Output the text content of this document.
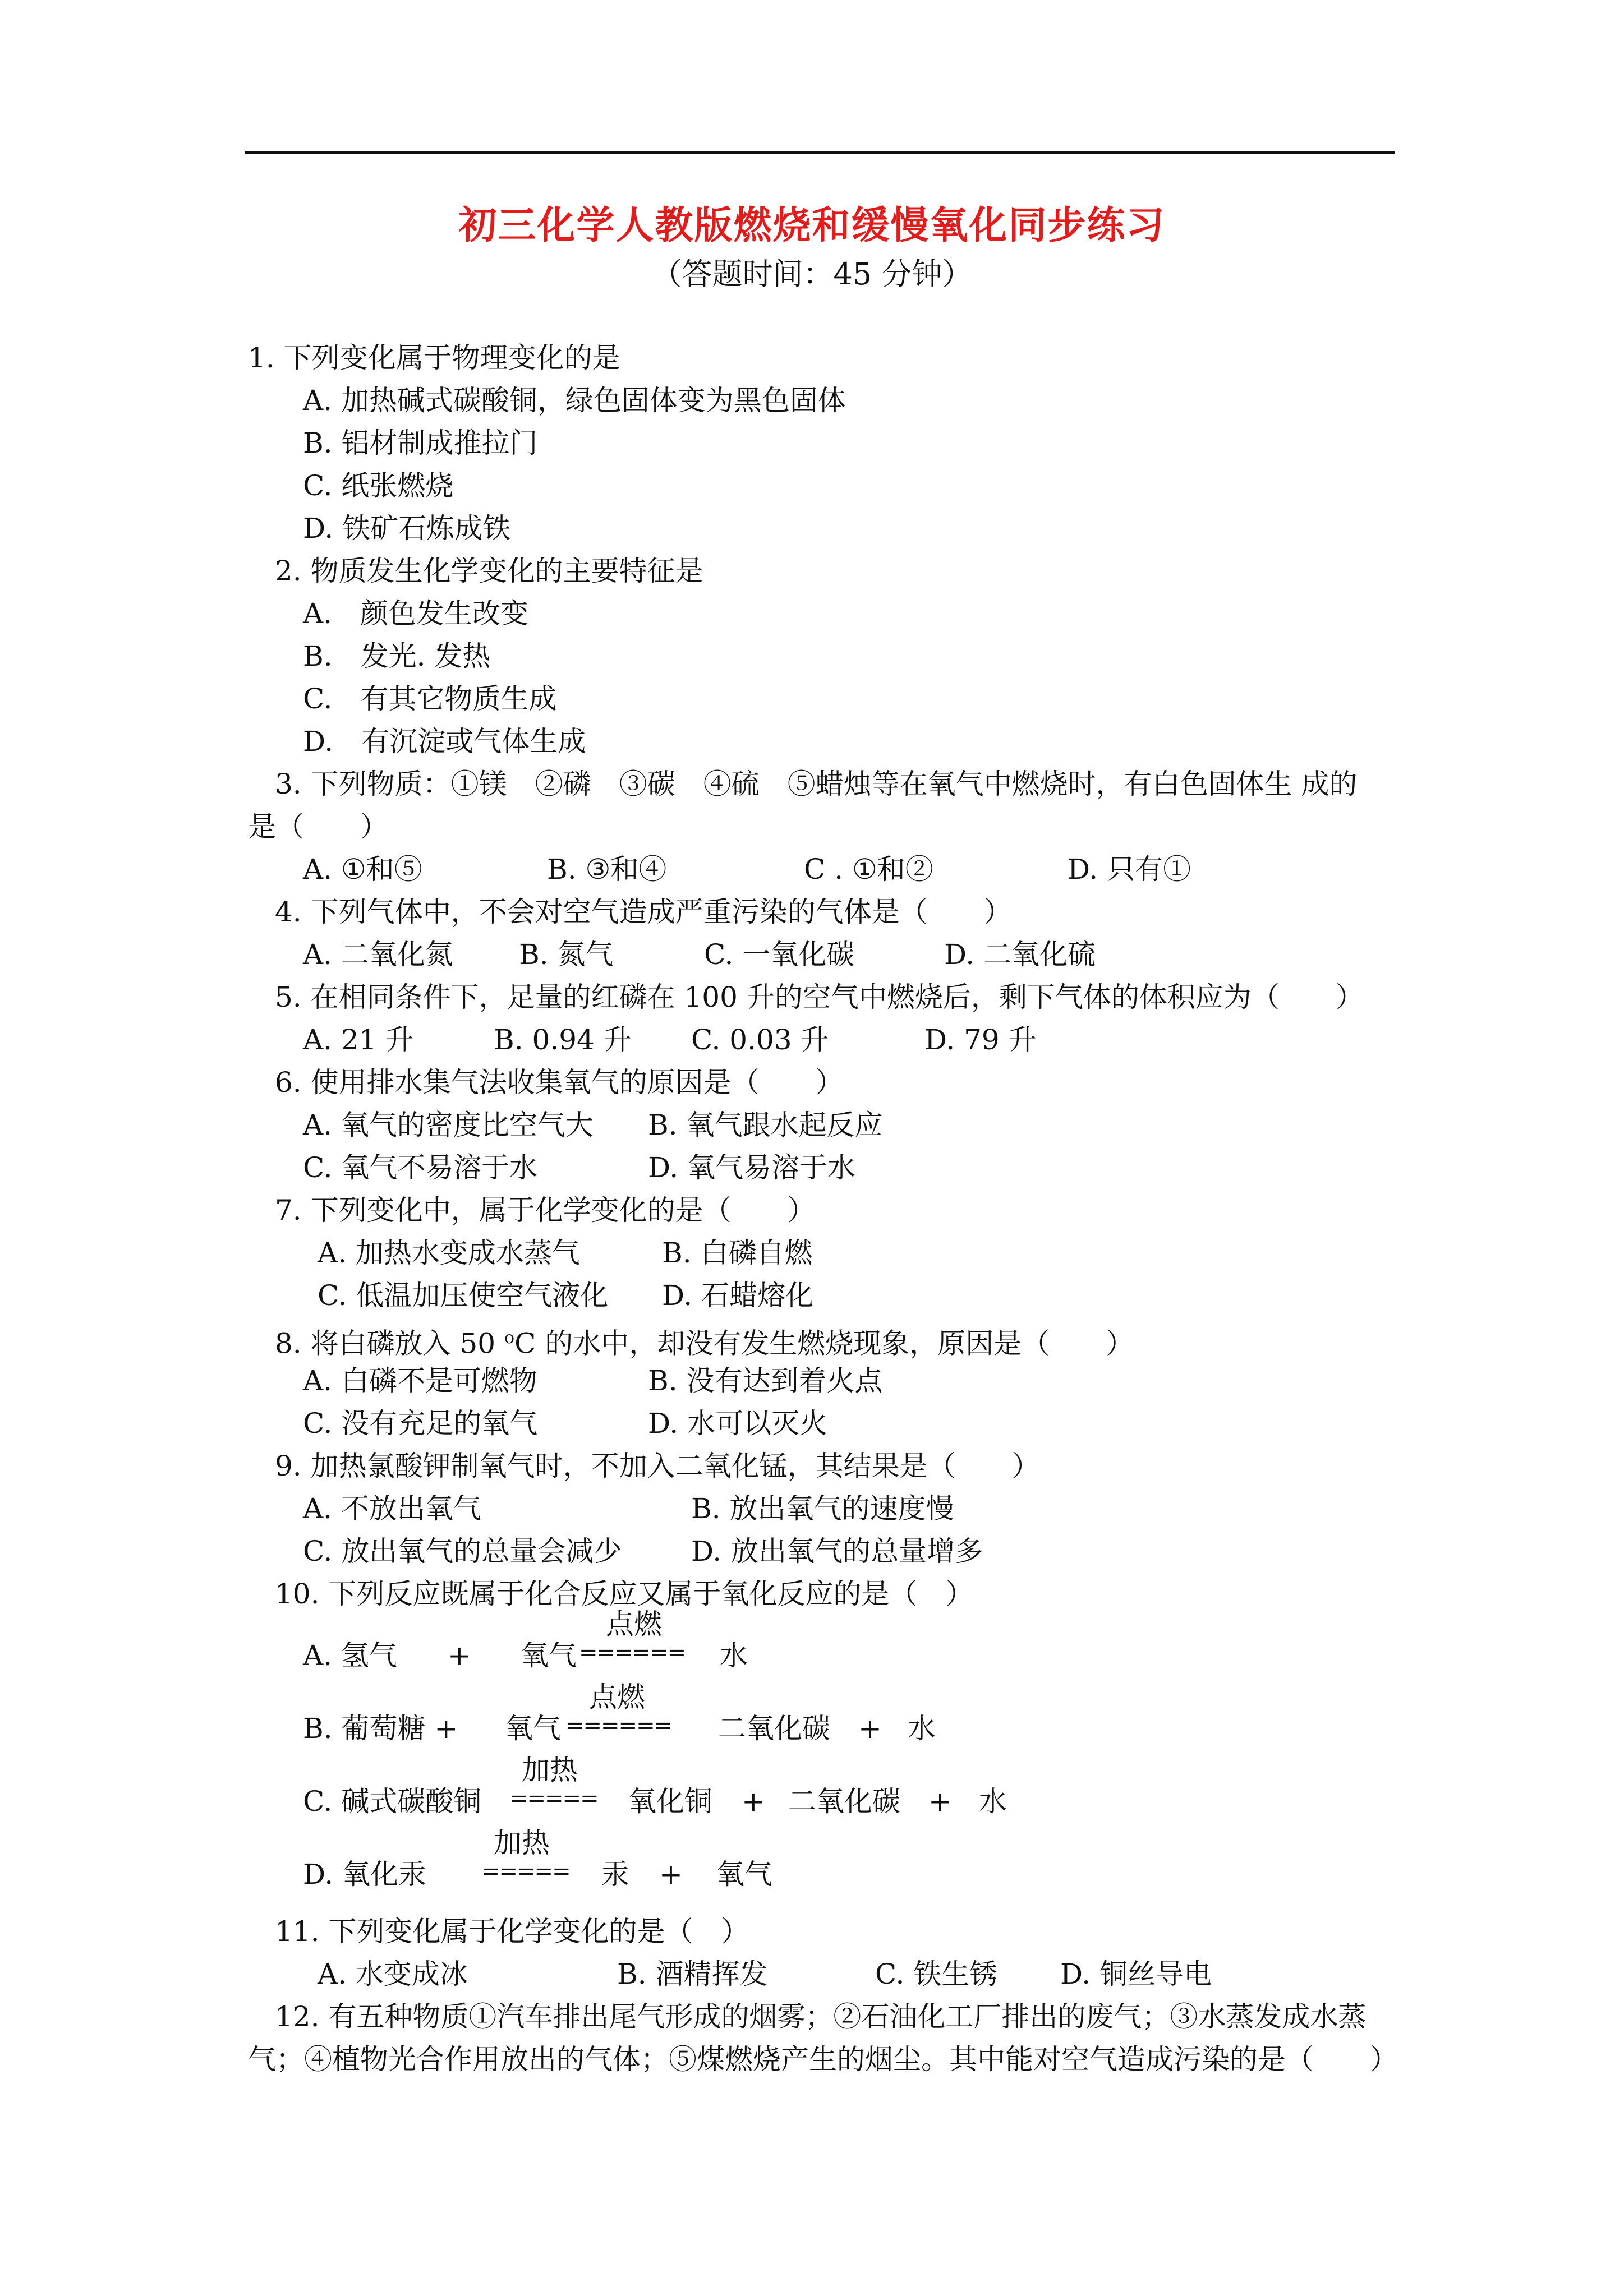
初三化学人教版燃烧和缓慢氧化同步练习
（答题时间：45 分钟）
1. 下列变化属于物理变化的是
A. 加热碱式碳酸铜，绿色固体变为黑色固体
B. 铝材制成推拉门
C. 纸张燃烧
D. 铁矿石炼成铁
2. 物质发生化学变化的主要特征是
A.　颜色发生改变
B.　发光. 发热
C.　有其它物质生成
D.　有沉淀或气体生成
3. 下列物质：①镁　②磷　③碳　④硫　⑤蜡烛等在氧气中燃烧时，有白色固体生 成的
是（　　）
A. ①和⑤	B. ③和④	C . ①和②	D. 只有①
4. 下列气体中，不会对空气造成严重污染的气体是（　　）
A. 二氧化氮 B. 氮气	C. 一氧化碳	D. 二氧化硫
5. 在相同条件下，足量的红磷在 100 升的空气中燃烧后，剩下气体的体积应为（　　）
A. 21 升	B. 0.94 升 C. 0.03 升	D. 79 升
6. 使用排水集气法收集氧气的原因是（　　）
A. 氧气的密度比空气大 B. 氧气跟水起反应
C. 氧气不易溶于水	D. 氧气易溶于水
7. 下列变化中，属于化学变化的是（　　）
A. 加热水变成水蒸气	B. 白磷自燃
C. 低温加压使空气液化 D. 石蜡熔化
8. 将白磷放入 50 $^o$C 的水中，却没有发生燃烧现象，原因是（　　）
A. 白磷不是可燃物	B. 没有达到着火点
C. 没有充足的氧气	D. 水可以灭火
9. 加热氯酸钾制氧气时，不加入二氧化锰，其结果是（　　）
A. 不放出氧气	B. 放出氧气的速度慢
C. 放出氧气的总量会减少 D. 放出氧气的总量增多
10. 下列反应既属于化合反应又属于氧化反应的是（　）
A. 氢气 + 氧气
点燃
====== 水
B. 葡萄糖 + 氧气
点燃
====== 二氧化碳 + 水
C. 碱式碳酸铜
加热
===== 氧化铜 + 二氧化碳 + 水
D. 氧化汞
加热
===== 汞 + 氧气
11. 下列变化属于化学变化的是（　）
A. 水变成冰	B. 酒精挥发	C. 铁生锈 D. 铜丝导电
12. 有五种物质①汽车排出尾气形成的烟雾；②石油化工厂排出的废气；③水蒸发成水蒸
气；④植物光合作用放出的气体；⑤煤燃烧产生的烟尘。其中能对空气造成污染的是（　　）
